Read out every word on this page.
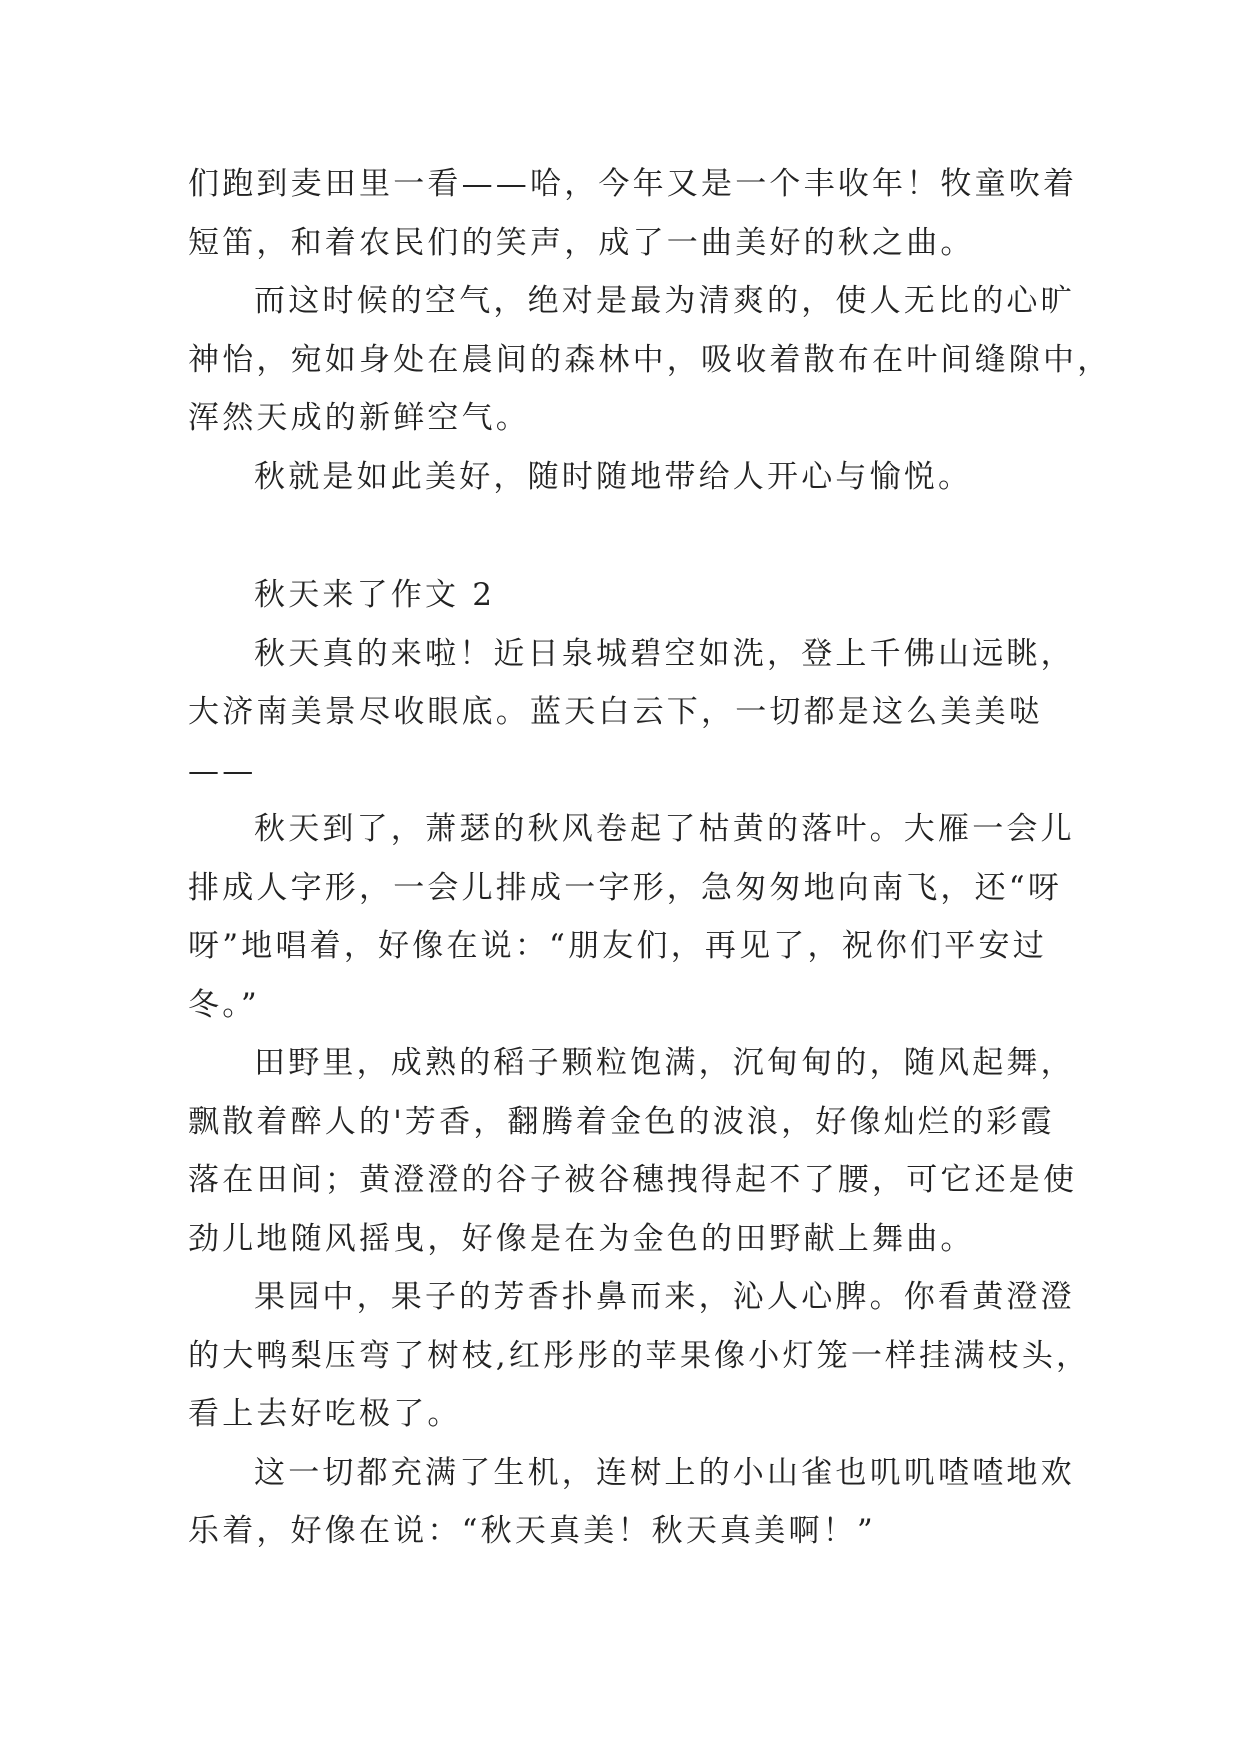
们跑到麦田里一看——哈，今年又是一个丰收年！牧童吹着

短笛，和着农民们的笑声，成了一曲美好的秋之曲。

而这时候的空气，绝对是最为清爽的，使人无比的心旷

神怡，宛如身处在晨间的森林中，吸收着散布在叶间缝隙中，

浑然天成的新鲜空气。

秋就是如此美好，随时随地带给人开心与愉悦。

秋天来了作文 2

秋天真的来啦！近日泉城碧空如洗，登上千佛山远眺，

大济南美景尽收眼底。蓝天白云下，一切都是这么美美哒

——

秋天到了，萧瑟的秋风卷起了枯黄的落叶。大雁一会儿

排成人字形，一会儿排成一字形，急匆匆地向南飞，还“呀

呀”地唱着，好像在说：“朋友们，再见了，祝你们平安过

冬。”

田野里，成熟的稻子颗粒饱满，沉甸甸的，随风起舞，

飘散着醉人的'芳香，翻腾着金色的波浪，好像灿烂的彩霞

落在田间；黄澄澄的谷子被谷穗拽得起不了腰，可它还是使

劲儿地随风摇曳，好像是在为金色的田野献上舞曲。

果园中，果子的芳香扑鼻而来，沁人心脾。你看黄澄澄

的大鸭梨压弯了树枝,红彤彤的苹果像小灯笼一样挂满枝头，

看上去好吃极了。

这一切都充满了生机，连树上的小山雀也叽叽喳喳地欢

乐着，好像在说：“秋天真美！秋天真美啊！”
